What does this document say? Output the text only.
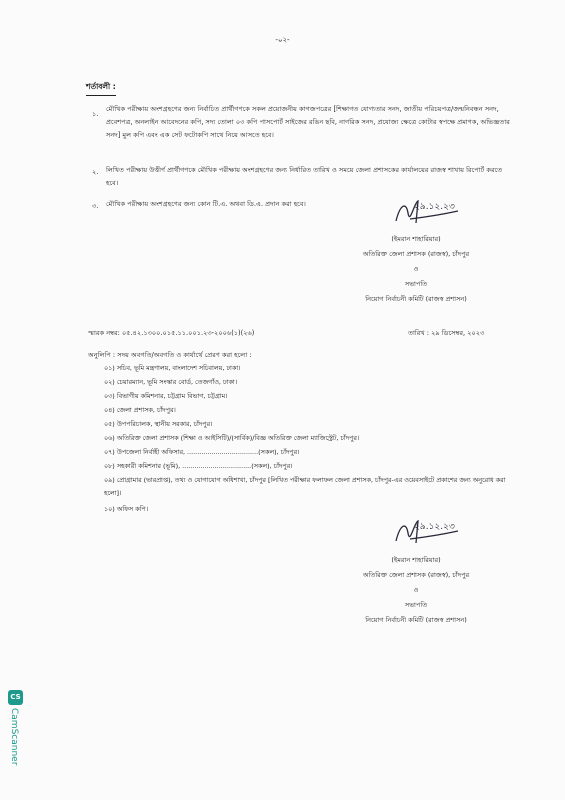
-০২-
শর্তাবলী :
১.
মৌখিক পরীক্ষায় অংশগ্রহণের জন্য নির্বাচিত প্রার্থীগণকে সকল প্রয়োজনীয় কাগজপত্রের [শিক্ষাগত যোগ্যতার সনদ, জাতীয় পরিচয়পত্র/জন্মনিবন্ধন সনদ, প্রবেশপত্র, অনলাইন আবেদনের কপি, সদ্য তোলা ০৩ কপি পাসপোর্ট সাইজের রঙিন ছবি, নাগরিক সনদ, প্রযোজ্য ক্ষেত্রে কোটার স্বপক্ষে প্রমাণক, অভিজ্ঞতার সনদ] মুল কপি এবং এক সেট ফটোকপি সাথে নিয়ে আসতে হবে।
২. লিখিত পরীক্ষায় উত্তীর্ণ প্রার্থীগণকে মৌখিক পরীক্ষায় অংশগ্রহণের জন্য নির্ধারিত তারিখ ও সময়ে জেলা প্রশাসকের কার্যালয়ের রাজস্ব শাখায় রিপোর্ট করতে হবে।
৩. মৌখিক পরীক্ষায় অংশগ্রহণের জন্য কোন টি.এ. অথবা ডি.এ. প্রদান করা হবে।	২৯.১২.২৩
(ইমরান শাহারিয়ার)
অতিরিক্ত জেলা প্রশাসক (রাজস্ব), চাঁদপুর
ও
সভাপতি
নিয়োগ নির্বাচনী কমিটি (রাজস্ব প্রশাসন)
স্মারক নম্বর: ০৫.৪২.১৩০০.০১৫.১১.০০১.২৩-২০০৬(১)(২৬)	তারিখ : ২৯ ডিসেম্বর, ২০২৩
অনুলিপি : সদয় অবগতি/অবগতি ও কার্যার্থে প্রেরণ করা হলো :
০১) সচিব, ভূমি মন্ত্রণালয়, বাংলাদেশ সচিবালয়, ঢাকা।
০২) চেয়ারম্যান, ভূমি সংস্কার বোর্ড, তেজগাঁও, ঢাকা।
০৩) বিভাগীয় কমিশনার, চট্টগ্রাম বিভাগ, চট্টগ্রাম।
০৪) জেলা প্রশাসক, চাঁদপুর।
০৫) উপপরিচালক, স্থানীয় সরকার, চাঁদপুর।
০৬) অতিরিক্ত জেলা প্রশাসক (শিক্ষা ও আইসিটি)/(সার্বিক)/বিজ্ঞ অতিরিক্ত জেলা ম্যাজিস্ট্রেট, চাঁদপুর।
০৭) উপজেলা নির্বাহী অফিসার, ...................................(সকল), চাঁদপুর।
০৮) সহকারী কমিশনার (ভূমি), ..................................(সকল), চাঁদপুর।
০৯) প্রোগ্রামার (ভারপ্রাপ্ত), তথ্য ও যোগাযোগ অধিশাখা, চাঁদপুর [লিখিত পরীক্ষার ফলাফল জেলা প্রশাসক, চাঁদপুর-এর ওয়েবসাইটে প্রকাশের জন্য অনুরোধ করা হলো]।
১০) অফিস কপি।
২৯.১২.২৩
(ইমরান শাহারিয়ার)
অতিরিক্ত জেলা প্রশাসক (রাজস্ব), চাঁদপুর
ও
সভাপতি
নিয়োগ নির্বাচনী কমিটি (রাজস্ব প্রশাসন)
CS
CamScanner
